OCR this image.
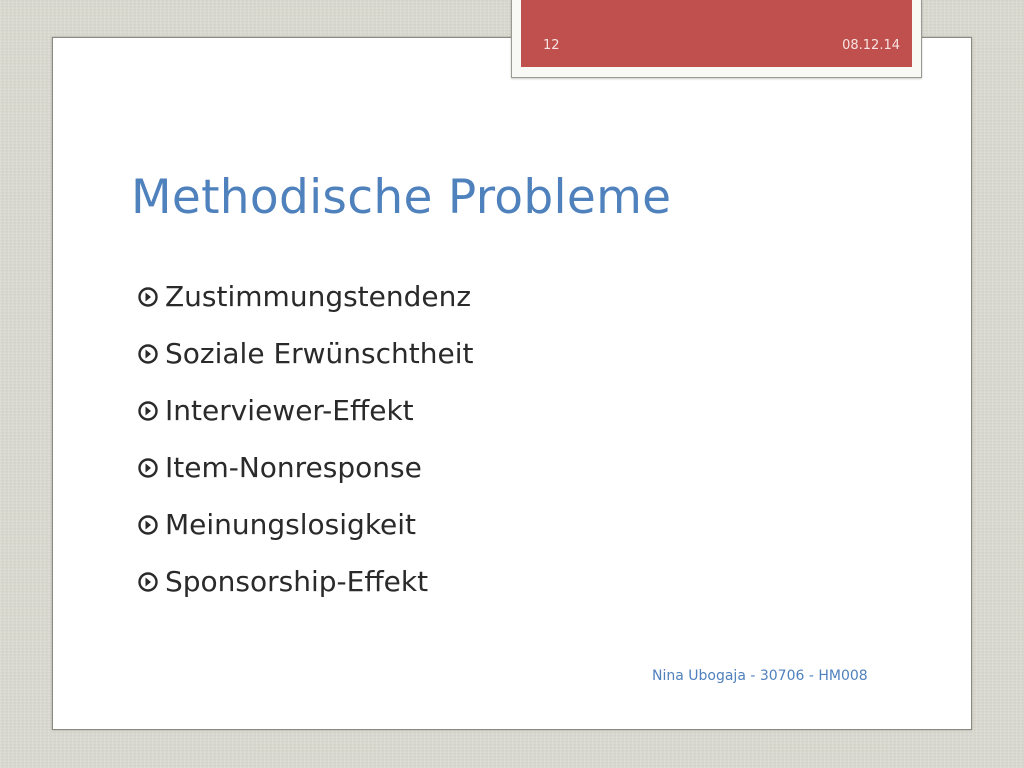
12	08.12.14
Methodische Probleme
Zustimmungstendenz
Soziale Erwünschtheit
Interviewer-Effekt
Item-Nonresponse
Meinungslosigkeit
Sponsorship-Effekt
Nina Ubogaja - 30706 - HM008
